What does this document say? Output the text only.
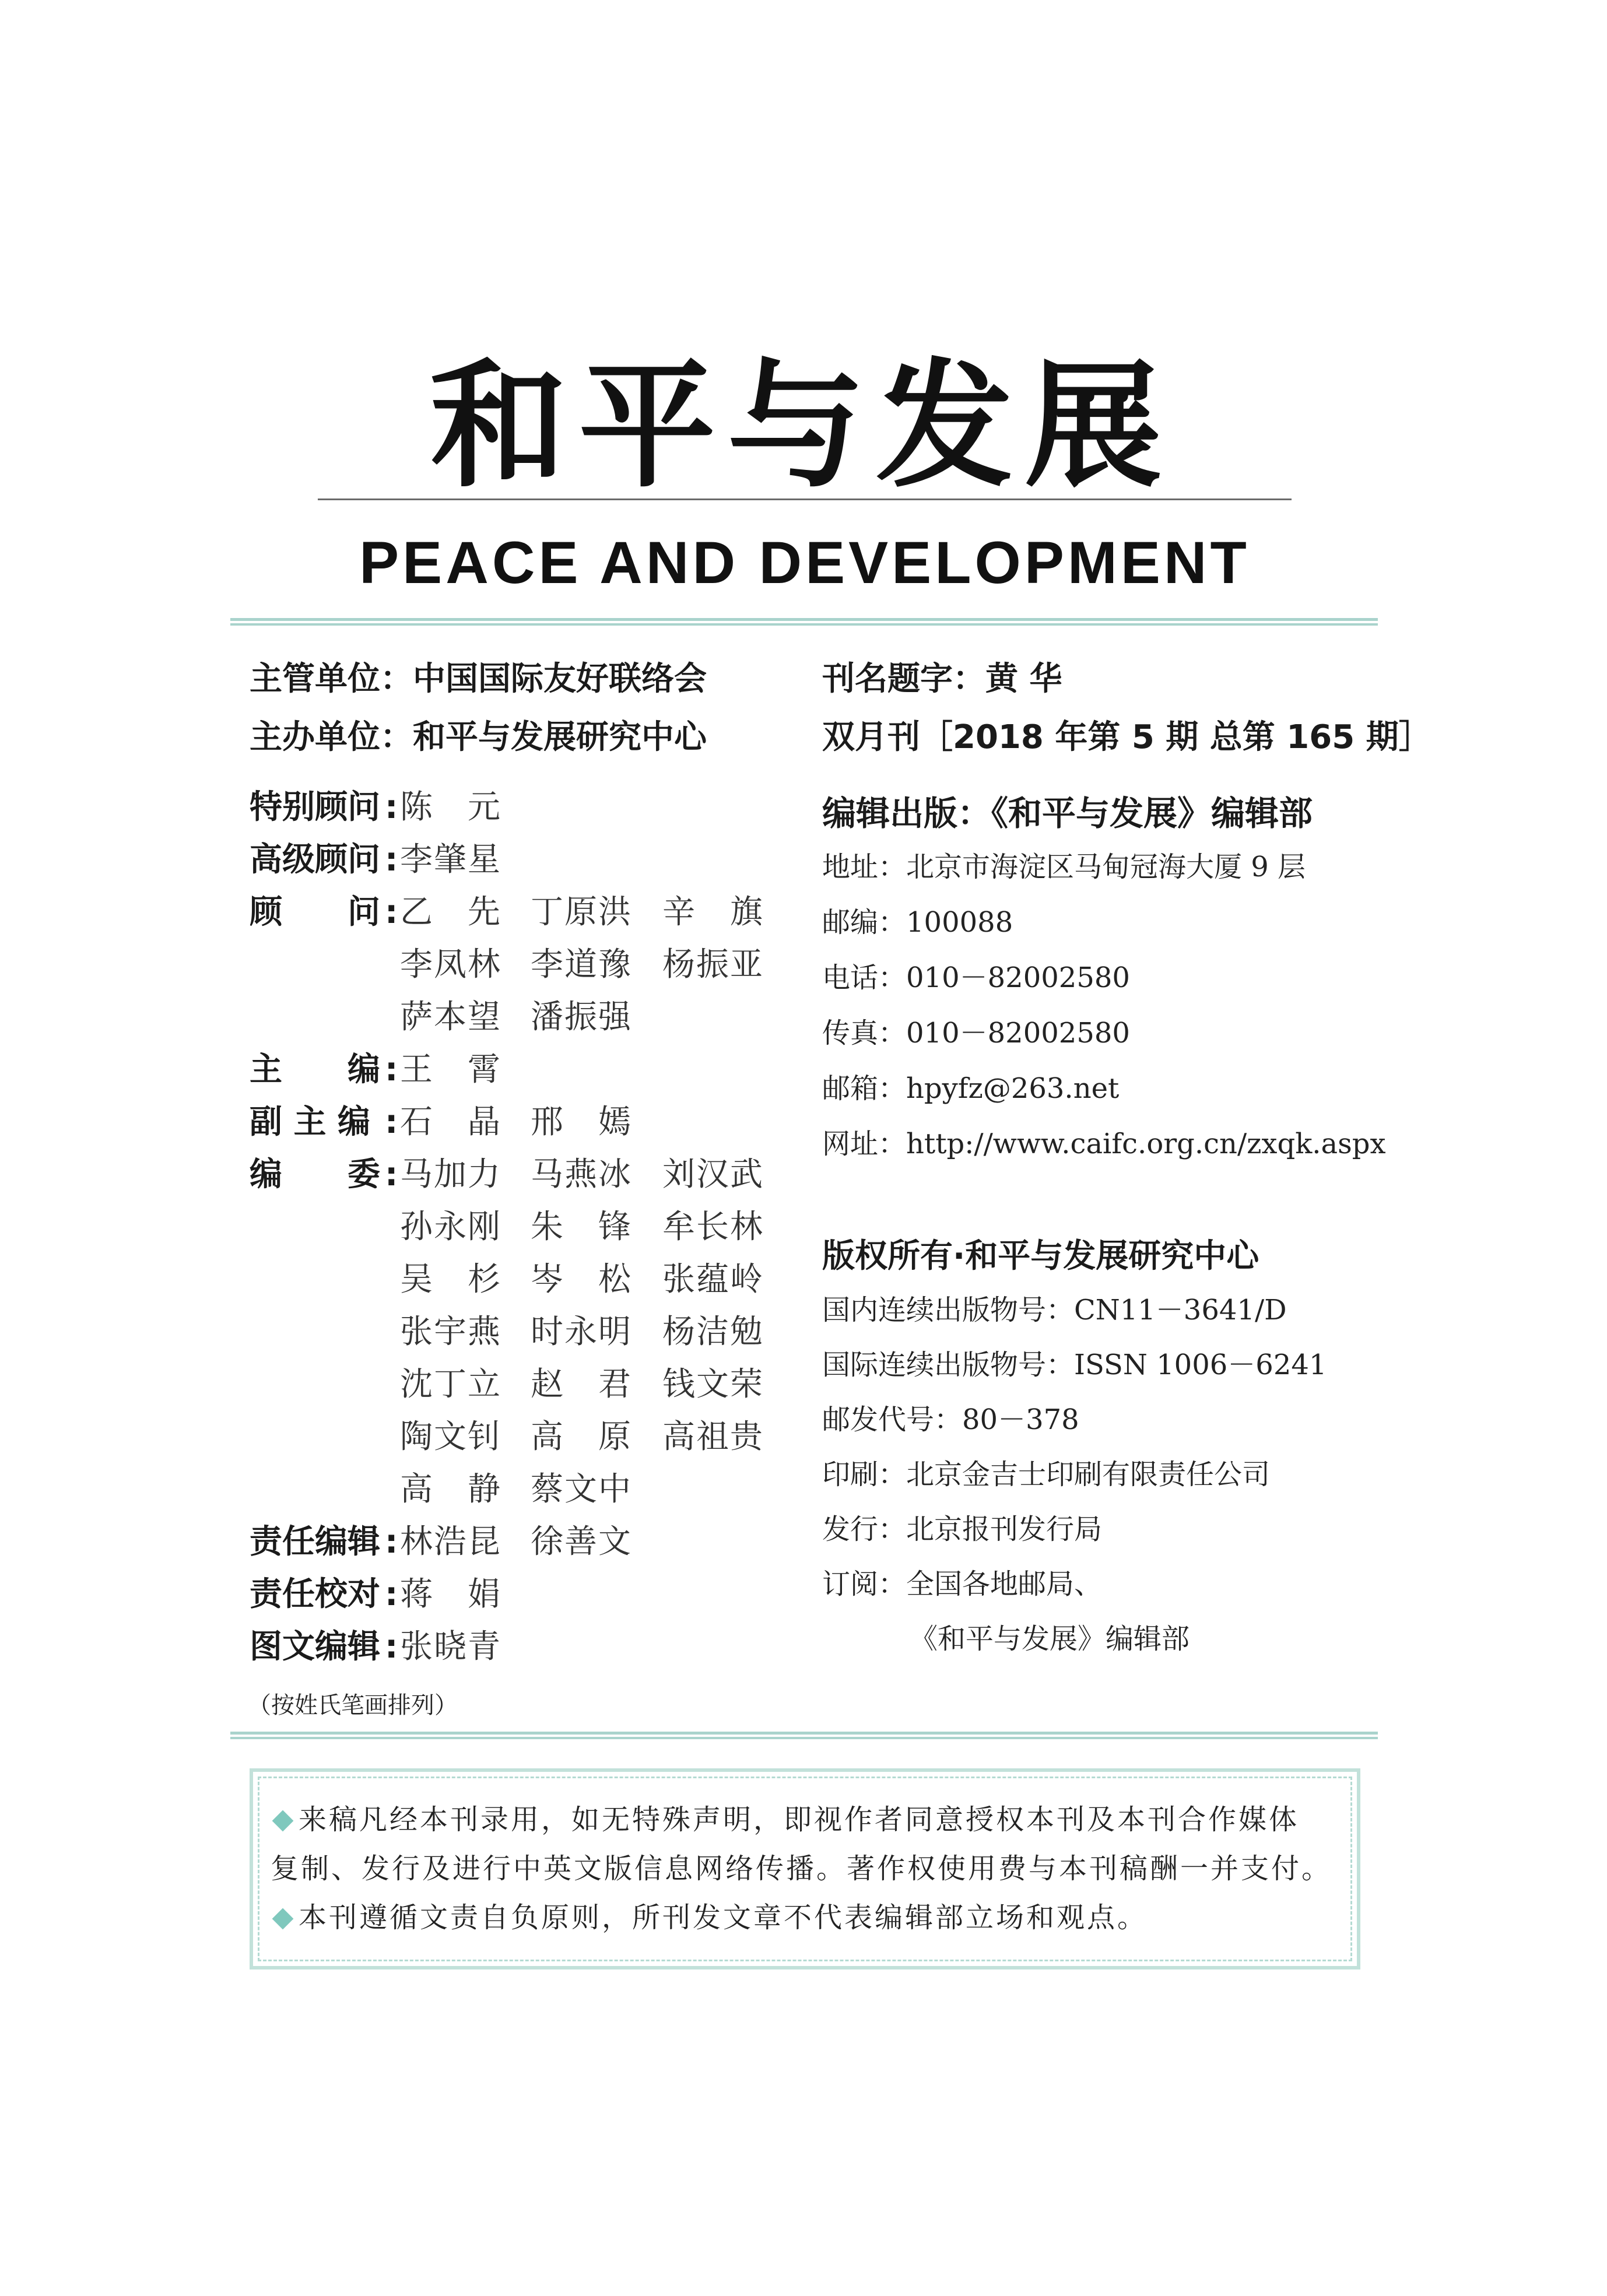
和平与发展
PEACE AND DEVELOPMENT
主管单位：中国国际友好联络会
主办单位：和平与发展研究中心
刊名题字：黄 华
双月刊［2018 年第 5 期 总第 165 期］
特别顾问 : 陈　元
高级顾问 : 李肇星
顾　　问 : 乙　先 丁原洪 辛　旗
李凤林 李道豫 杨振亚
萨本望 潘振强
主　　编 : 王　霄
副 主 编 : 石　晶 邢　嫣
编　　委 : 马加力 马燕冰 刘汉武
孙永刚 朱　锋 牟长林
吴　杉 岑　松 张蕴岭
张宇燕 时永明 杨洁勉
沈丁立 赵　君 钱文荣
陶文钊 高　原 高祖贵
高　静 蔡文中
责任编辑 : 林浩昆 徐善文
责任校对 : 蒋　娟
图文编辑 : 张晓青
（按姓氏笔画排列）
编辑出版：《和平与发展》编辑部
地址：北京市海淀区马甸冠海大厦 9 层
邮编：100088
电话：010－82002580
传真：010－82002580
邮箱：hpyfz@263.net
网址：http://www.caifc.org.cn/zxqk.aspx
版权所有·和平与发展研究中心
国内连续出版物号：CN11－3641/D
国际连续出版物号：ISSN 1006－6241
邮发代号：80－378
印刷：北京金吉士印刷有限责任公司
发行：北京报刊发行局
订阅：全国各地邮局、
《和平与发展》编辑部
来稿凡经本刊录用，如无特殊声明，即视作者同意授权本刊及本刊合作媒体
复制、发行及进行中英文版信息网络传播。著作权使用费与本刊稿酬一并支付。
本刊遵循文责自负原则，所刊发文章不代表编辑部立场和观点。
